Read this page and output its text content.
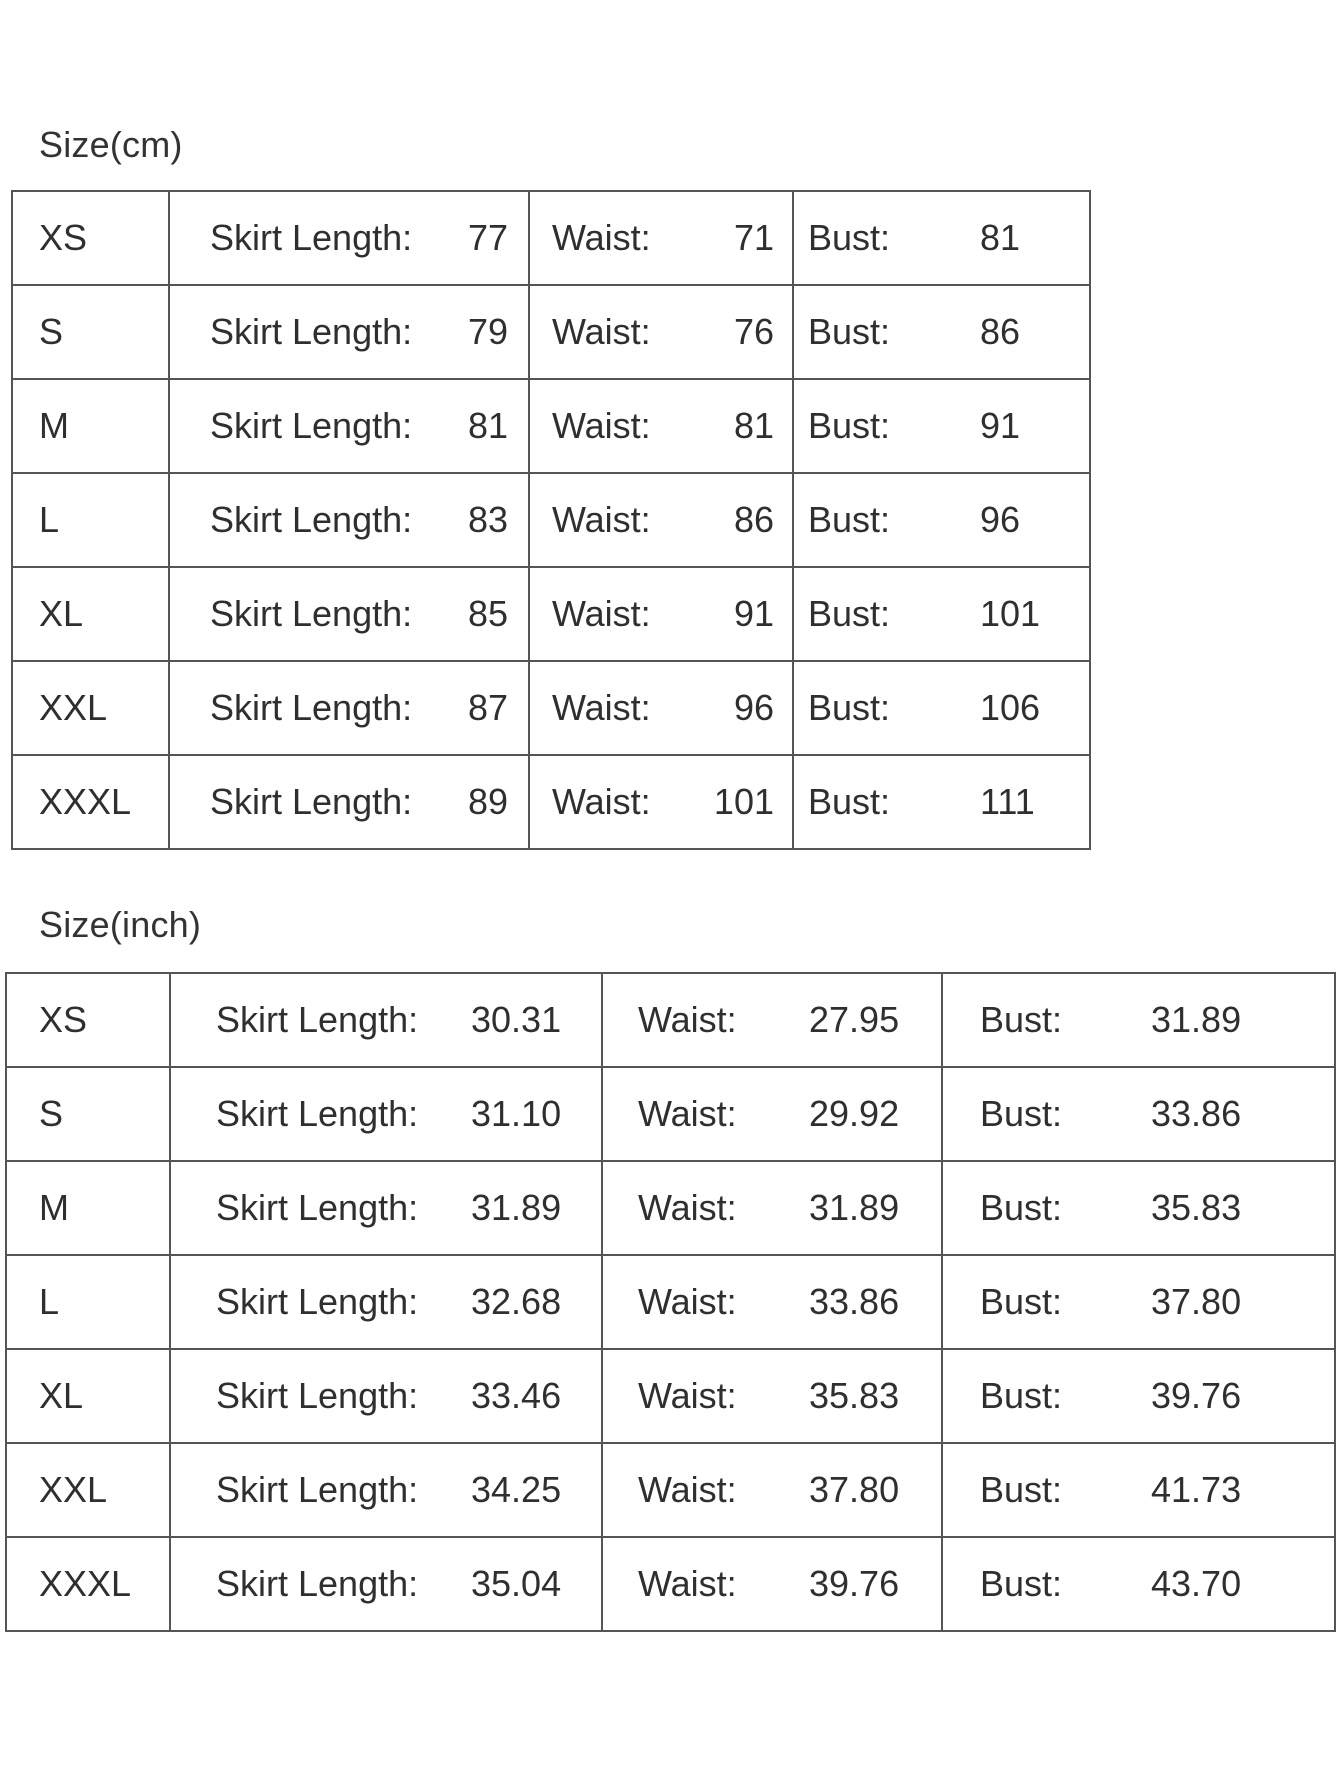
Size(cm)
XS	Skirt Length: 77	Waist: 71	Bust: 81

S	Skirt Length: 79	Waist: 76	Bust: 86

M	Skirt Length: 81	Waist: 81	Bust: 91

L	Skirt Length: 83	Waist: 86	Bust: 96

XL	Skirt Length: 85	Waist: 91	Bust: 101

XXL	Skirt Length: 87	Waist: 96	Bust: 106

XXXL	Skirt Length: 89	Waist: 101	Bust: 111
Size(inch)
XS	Skirt Length: 30.31	Waist: 27.95	Bust: 31.89

S	Skirt Length: 31.10	Waist: 29.92	Bust: 33.86

M	Skirt Length: 31.89	Waist: 31.89	Bust: 35.83

L	Skirt Length: 32.68	Waist: 33.86	Bust: 37.80

XL	Skirt Length: 33.46	Waist: 35.83	Bust: 39.76

XXL	Skirt Length: 34.25	Waist: 37.80	Bust: 41.73

XXXL	Skirt Length: 35.04	Waist: 39.76	Bust: 43.70
